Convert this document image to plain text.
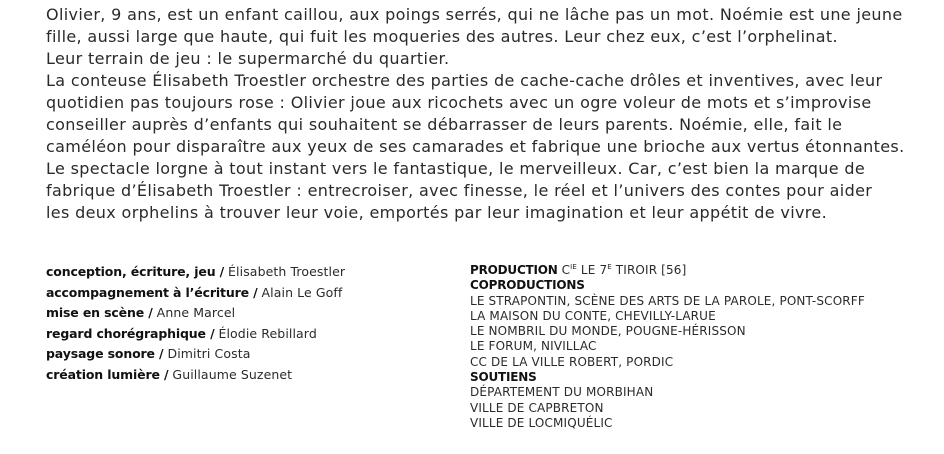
Olivier, 9 ans, est un enfant caillou, aux poings serrés, qui ne lâche pas un mot. Noémie est une jeune

fille, aussi large que haute, qui fuit les moqueries des autres. Leur chez eux, c’est l’orphelinat.

Leur terrain de jeu : le supermarché du quartier.

La conteuse Élisabeth Troestler orchestre des parties de cache-cache drôles et inventives, avec leur

quotidien pas toujours rose : Olivier joue aux ricochets avec un ogre voleur de mots et s’improvise

conseiller auprès d’enfants qui souhaitent se débarrasser de leurs parents. Noémie, elle, fait le

caméléon pour disparaître aux yeux de ses camarades et fabrique une brioche aux vertus étonnantes.

Le spectacle lorgne à tout instant vers le fantastique, le merveilleux. Car, c’est bien la marque de

fabrique d’Élisabeth Troestler : entrecroiser, avec finesse, le réel et l’univers des contes pour aider

les deux orphelins à trouver leur voie, emportés par leur imagination et leur appétit de vivre.

conception, écriture, jeu / Élisabeth Troestler
accompagnement à l’écriture / Alain Le Goff
mise en scène / Anne Marcel
regard chorégraphique / Élodie Rebillard
paysage sonore / Dimitri Costa
création lumière / Guillaume Suzenet
PRODUCTION $C^{IE}$ LE $7^E$ TIROIR [56]
COPRODUCTIONS
LE STRAPONTIN, SCÈNE DES ARTS DE LA PAROLE, PONT-SCORFF
LA MAISON DU CONTE, CHEVILLY-LARUE
LE NOMBRIL DU MONDE, POUGNE-HÉRISSON
LE FORUM, NIVILLAC
CC DE LA VILLE ROBERT, PORDIC
SOUTIENS
DÉPARTEMENT DU MORBIHAN
VILLE DE CAPBRETON
VILLE DE LOCMIQUÉLIC
